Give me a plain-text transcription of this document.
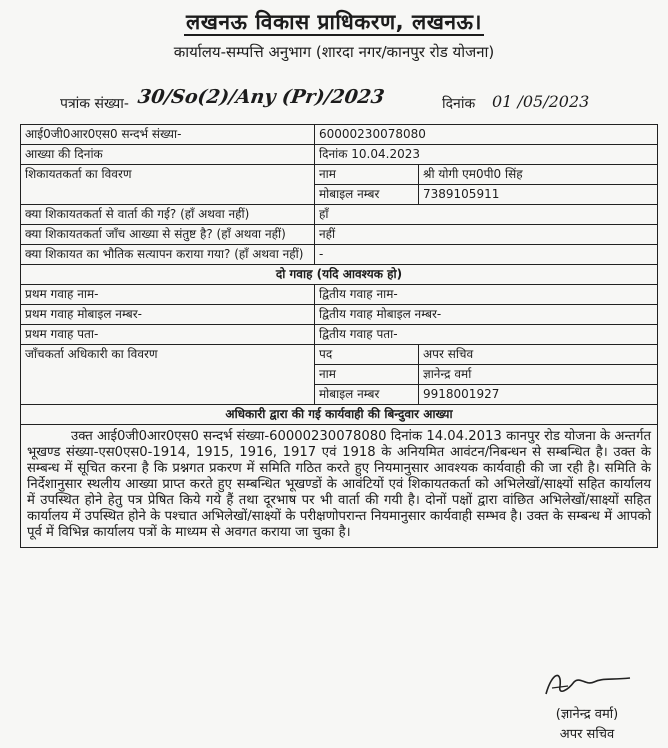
लखनऊ विकास प्राधिकरण, लखनऊ।
कार्यालय-सम्पत्ति अनुभाग (शारदा नगर/कानपुर रोड योजना)
पत्रांक संख्या- 30/So(2)/Any (Pr)/2023	दिनांक 01 /05/2023
आई0जी0आर0एस0 सन्दर्भ संख्या-	60000230078080	
आख्या की दिनांक	दिनांक 10.04.2023	
शिकायतकर्ता का विवरण	नाम	श्री योगी एम0पी0 सिंह
	मोबाइल नम्बर	7389105911
क्या शिकायतकर्ता से वार्ता की गई? (हाँ अथवा नहीं)	हाँ	
क्या शिकायतकर्ता जाँच आख्या से संतुष्ट है? (हाँ अथवा नहीं)	नहीं	
क्या शिकायत का भौतिक सत्यापन कराया गया? (हाँ अथवा नहीं)	-	
दो गवाह (यदि आवश्यक हो)		
प्रथम गवाह नाम-	द्वितीय गवाह नाम-	
प्रथम गवाह मोबाइल नम्बर-	द्वितीय गवाह मोबाइल नम्बर-	
प्रथम गवाह पता-	द्वितीय गवाह पता-	
जाँचकर्ता अधिकारी का विवरण	पद	अपर सचिव
	नाम	ज्ञानेन्द्र वर्मा
	मोबाइल नम्बर	9918001927
अधिकारी द्वारा की गई कार्यवाही की बिन्दुवार आख्या		
उक्त आई0जी0आर0एस0 सन्दर्भ संख्या-60000230078080 दिनांक 14.04.2013 कानपुर रोड योजना के अन्तर्गत भूखण्ड संख्या-एस0एस0-1914, 1915, 1916, 1917 एवं 1918 के अनियमित आवंटन/निबन्धन से सम्बन्धित है। उक्त के सम्बन्ध में सूचित करना है कि प्रश्नगत प्रकरण में समिति गठित करते हुए नियमानुसार आवश्यक कार्यवाही की जा रही है। समिति के निर्देशानुसार स्थलीय आख्या प्राप्त करते हुए सम्बन्धित भूखण्डों के आवंटियों एवं शिकायतकर्ता को अभिलेखों/साक्ष्यों सहित कार्यालय में उपस्थित होने हेतु पत्र प्रेषित किये गये हैं तथा दूरभाष पर भी वार्ता की गयी है। दोनों पक्षों द्वारा वांछित अभिलेखों/साक्ष्यों सहित कार्यालय में उपस्थित होने के पश्चात अभिलेखों/साक्ष्यों के परीक्षणोपरान्त नियमानुसार कार्यवाही सम्भव है। उक्त के सम्बन्ध में आपको पूर्व में विभिन्न कार्यालय पत्रों के माध्यम से अवगत कराया जा चुका है।		
(ज्ञानेन्द्र वर्मा)
अपर सचिव
